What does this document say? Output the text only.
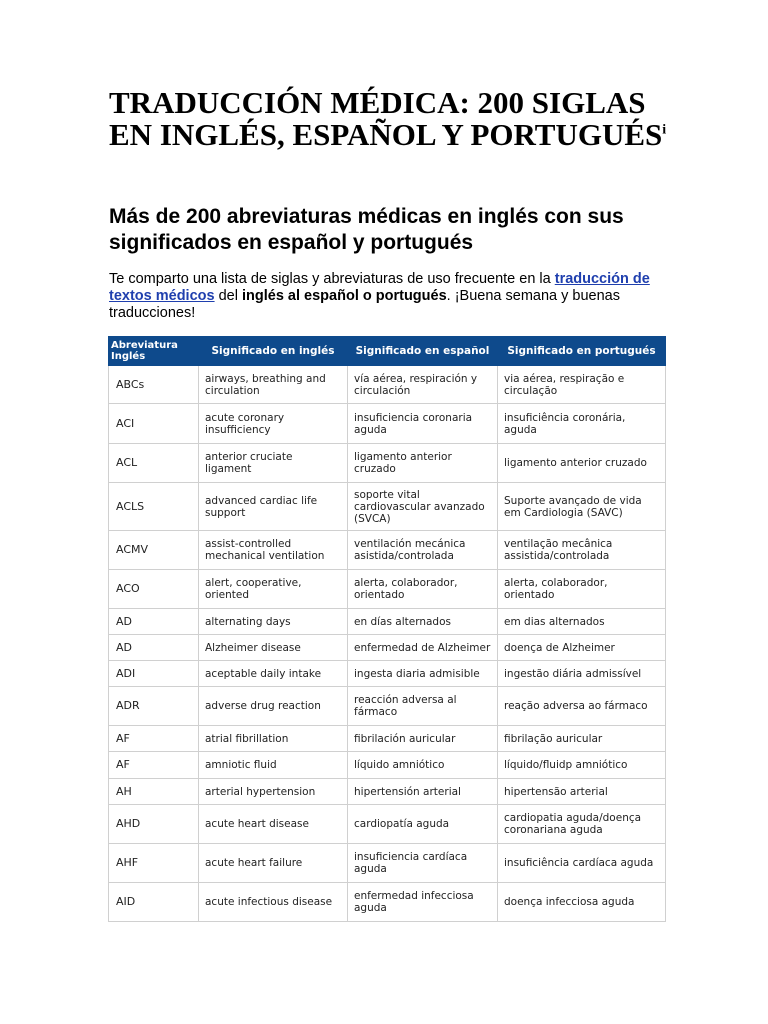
TRADUCCIÓN MÉDICA: 200 SIGLAS EN INGLÉS, ESPAÑOL Y PORTUGUÉS$^i$
Más de 200 abreviaturas médicas en inglés con sus significados en español y portugués

Te comparto una lista de siglas y abreviaturas de uso frecuente en la traducción de textos médicos del inglés al español o portugués. ¡Buena semana y buenas traducciones!

Abreviatura Inglés	Significado en inglés	Significado en español	Significado en portugués
ABCs	airways, breathing and circulation	vía aérea, respiración y circulación	via aérea, respiração e circulação
ACI	acute coronary insufficiency	insuficiencia coronaria aguda	insuficiência coronária, aguda
ACL	anterior cruciate ligament	ligamento anterior cruzado	ligamento anterior cruzado
ACLS	advanced cardiac life support	soporte vital cardiovascular avanzado (SVCA)	Suporte avançado de vida em Cardiologia (SAVC)
ACMV	assist-controlled mechanical ventilation	ventilación mecánica asistida/controlada	ventilação mecânica assistida/controlada
ACO	alert, cooperative, oriented	alerta, colaborador, orientado	alerta, colaborador, orientado
AD	alternating days	en días alternados	em dias alternados
AD	Alzheimer disease	enfermedad de Alzheimer	doença de Alzheimer
ADI	aceptable daily intake	ingesta diaria admisible	ingestão diária admissível
ADR	adverse drug reaction	reacción adversa al fármaco	reação adversa ao fármaco
AF	atrial fibrillation	fibrilación auricular	fibrilação auricular
AF	amniotic fluid	líquido amniótico	líquido/fluidp amniótico
AH	arterial hypertension	hipertensión arterial	hipertensão arterial
AHD	acute heart disease	cardiopatía aguda	cardiopatia aguda/doença coronariana aguda
AHF	acute heart failure	insuficiencia cardíaca aguda	insuficiência cardíaca aguda
AID	acute infectious disease	enfermedad infecciosa aguda	doença infecciosa aguda
